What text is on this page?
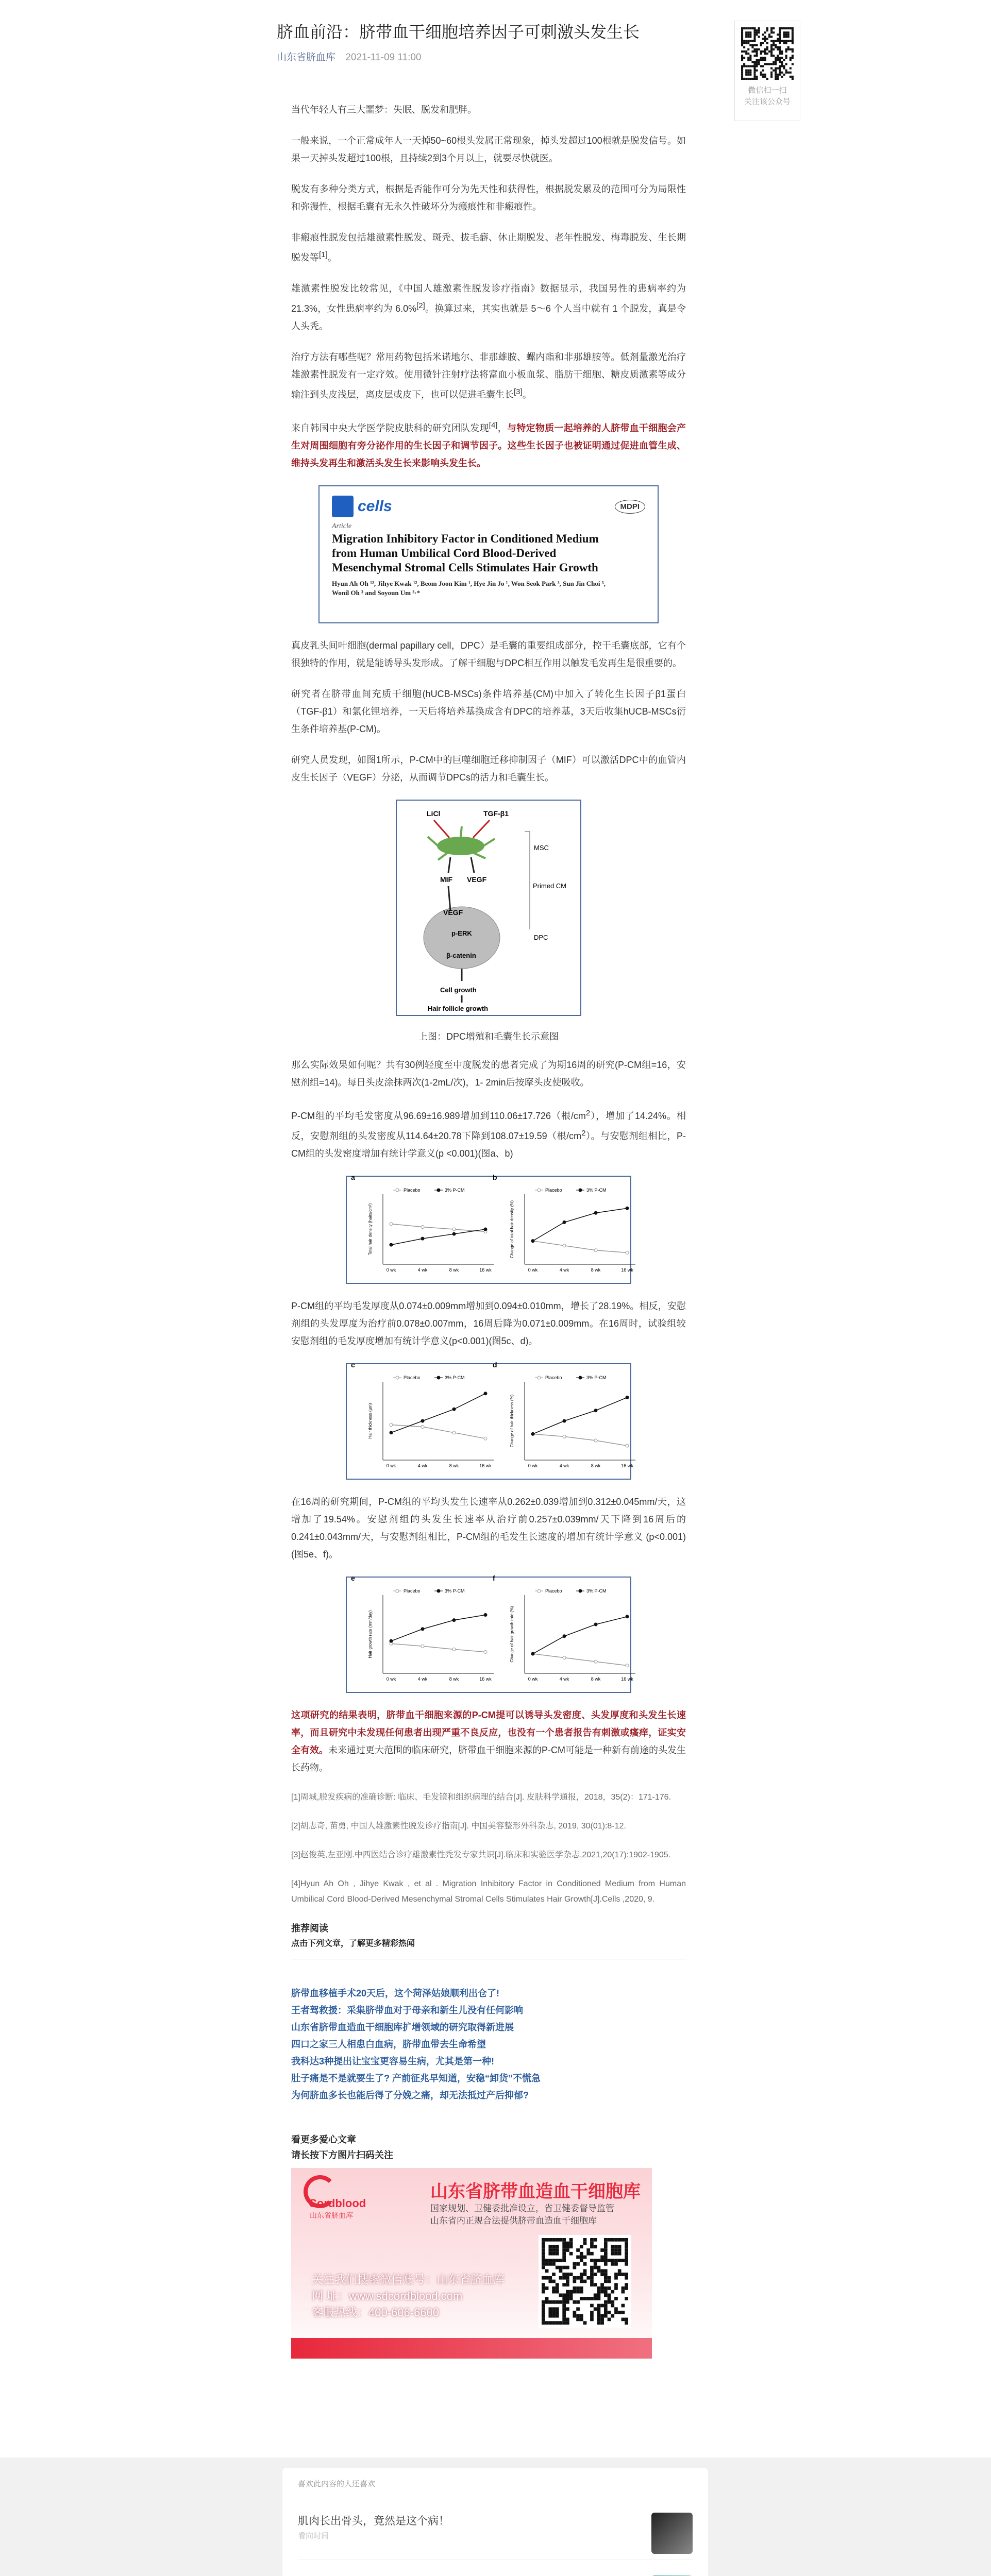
脐血前沿：脐带血干细胞培养因子可刺激头发生长
山东省脐血库 2021-11-09 11:00

当代年轻人有三大噩梦：失眠、脱发和肥胖。

一般来说，一个正常成年人一天掉50~60根头发属正常现象，掉头发超过100根就是脱发信号。如果一天掉头发超过100根，且持续2到3个月以上，就要尽快就医。

脱发有多种分类方式，根据是否能作可分为先天性和获得性，根据脱发累及的范围可分为局限性和弥漫性，根据毛囊有无永久性破坏分为瘢痕性和非瘢痕性。

非瘢痕性脱发包括雄激素性脱发、斑秃、拔毛癖、休止期脱发、老年性脱发、梅毒脱发、生长期脱发等[1]。

雄激素性脱发比较常见，《中国人雄激素性脱发诊疗指南》数据显示，我国男性的患病率约为21.3%，女性患病率约为 6.0%[2]。换算过来，其实也就是 5～6 个人当中就有 1 个脱发，真是令人头秃。

治疗方法有哪些呢？常用药物包括米诺地尔、非那雄胺、螺内酯和非那雄胺等。低剂量激光治疗雄激素性脱发有一定疗效。使用微针注射疗法将富血小板血浆、脂肪干细胞、糖皮质激素等成分输注到头皮浅层，离皮层或皮下，也可以促进毛囊生长[3]。

来自韩国中央大学医学院皮肤科的研究团队发现[4]，与特定物质一起培养的人脐带血干细胞会产生对周围细胞有旁分泌作用的生长因子和调节因子。这些生长因子也被证明通过促进血管生成、维持头发再生和激活头发生长来影响头发生长。

cells	MDPI
Article
Migration Inhibitory Factor in Conditioned Medium
from Human Umbilical Cord Blood-Derived
Mesenchymal Stromal Cells Stimulates Hair Growth
Hyun Ah Oh ¹², Jihye Kwak ¹², Beom Joon Kim ¹, Hye Jin Jo ¹, Won Seok Park ³, Sun Jin Choi ³,
Wonil Oh ³ and Soyoun Um ³·*

真皮乳头间叶细胞(dermal papillary cell，DPC）是毛囊的重要组成部分，控干毛囊底部，它有个很独特的作用，就是能诱导头发形成。了解干细胞与DPC相互作用以触发毛发再生是很重要的。

研究者在脐带血间充质干细胞(hUCB-MSCs)条件培养基(CM)中加入了转化生长因子β1蛋白（TGF-β1）和氯化锂培养，一天后将培养基换成含有DPC的培养基，3天后收集hUCB-MSCs衍生条件培养基(P-CM)。

研究人员发现，如图1所示，P-CM中的巨噬细胞迁移抑制因子（MIF）可以激活DPC中的血管内皮生长因子（VEGF）分泌，从而调节DPCs的活力和毛囊生长。

LiCl	TGF-β1
MSC
MIF VEGF
Primed CM
VEGF
p-ERK
DPC
β-catenin
Cell growth
Hair follicle growth
上图：DPC增殖和毛囊生长示意图

那么实际效果如何呢？共有30例轻度至中度脱发的患者完成了为期16周的研究(P-CM组=16，安慰剂组=14)。每日头皮涂抹两次(1-2mL/次)，1- 2min后按摩头皮使吸收。

P-CM组的平均毛发密度从96.69±16.989增加到110.06±17.726（根$/cm^2$），增加了14.24%。相反，安慰剂组的头发密度从114.64±20.78下降到108.07±19.59（根$/cm^2$）。与安慰剂组相比，P-CM组的头发密度增加有统计学意义(p <0.001)(图a、b)

a
Total hair density (hairs/cm²)
0 wk	4 wk	8 wk	16 wk
Placebo	3% P-CM
b
Change of total hair density (%)
0 wk	4 wk	8 wk	16 wk
Placebo	3% P-CM

P-CM组的平均毛发厚度从0.074±0.009mm增加到0.094±0.010mm，增长了28.19%。相反，安慰剂组的头发厚度为治疗前0.078±0.007mm，16周后降为0.071±0.009mm。在16周时，试验组较安慰剂组的毛发厚度增加有统计学意义(p<0.001)(图5c、d)。

c
Hair thickness (μm)
0 wk	4 wk	8 wk	16 wk
Placebo	3% P-CM
d
Change of hair thickness (%)
0 wk	4 wk	8 wk	16 wk
Placebo	3% P-CM

在16周的研究期间，P-CM组的平均头发生长速率从0.262±0.039增加到0.312±0.045mm/天，这增加了19.54%。安慰剂组的头发生长速率从治疗前0.257±0.039mm/天下降到16周后的0.241±0.043mm/天，与安慰剂组相比，P-CM组的毛发生长速度的增加有统计学意义 (p<0.001)(图5e、f)。

e
Hair growth rate (mm/day)
0 wk	4 wk	8 wk	16 wk
Placebo	3% P-CM
f
Change of hair growth rate (%)
0 wk	4 wk	8 wk	16 wk
Placebo	3% P-CM

这项研究的结果表明，脐带血干细胞来源的P-CM提可以诱导头发密度、头发厚度和头发生长速率，而且研究中未发现任何患者出现严重不良反应，也没有一个患者报告有刺激或瘙痒，证实安全有效。未来通过更大范围的临床研究，脐带血干细胞来源的P-CM可能是一种新有前途的头发生长药物。

[1]周城,脱发疾病的准确诊断: 临床、毛发镜和组织病理的结合[J]. 皮肤科学通报，2018，35(2)：171-176.

[2]胡志奇, 苗勇, 中国人雄激素性脱发诊疗指南[J]. 中国美容整形外科杂志, 2019, 30(01):8-12.

[3]赵俊英,左亚刚.中西医结合诊疗雄激素性秃发专家共识[J].临床和实验医学杂志,2021,20(17):1902-1905.

[4]Hyun Ah Oh , Jihye Kwak , et al . Migration Inhibitory Factor in Conditioned Medium from Human Umbilical Cord Blood-Derived Mesenchymal Stromal Cells Stimulates Hair Growth[J].Cells ,2020, 9.

推荐阅读
点击下列文章，了解更多精彩热闻
脐带血移植手术20天后，这个菏泽姑娘顺利出仓了!
王者驾救援：采集脐带血对于母亲和新生儿没有任何影响
山东省脐带血造血干细胞库扩增领域的研究取得新进展
四口之家三人相患白血病，脐带血带去生命希望
我科达3种提出让宝宝更容易生病，尤其是第一种!
肚子痛是不是就要生了? 产前征兆早知道，安稳“卸货”不慌急
为何脐血多长也能后得了分娩之痛，却无法抵过产后抑郁?
看更多爱心文章
请长按下方图片扫码关注
Cordblood
山东省脐血库
山东省脐带血造血干细胞库
国家规划、卫健委批准设立，省卫健委督导监管
山东省内正规合法提供脐带血造血干细胞库
关注我们搜索微信账号：山东省脐血库
网 址：www.sdcordblood.com
客服热线：400-606-6600
微信扫一扫
关注该公众号
喜欢此内容的人还喜欢
肌肉长出骨头，竟然是这个病！
看向时间
